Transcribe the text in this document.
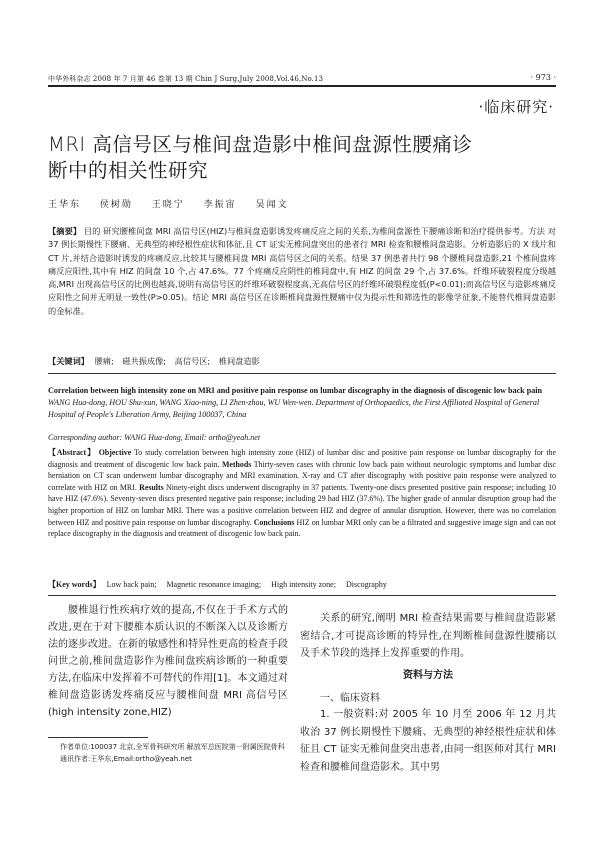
中华外科杂志 2008 年 7 月第 46 卷第 13 期 Chin J Surg,July 2008,Vol.46,No.13	· 973 ·
·临床研究·
MRI 高信号区与椎间盘造影中椎间盘源性腰痛诊断中的相关性研究
王华东 侯树勋 王晓宁 李振宙 吴闻文
【摘要】 目的 研究腰椎间盘 MRI 高信号区(HIZ)与椎间盘造影诱发疼痛反应之间的关系,为椎间盘源性下腰痛诊断和治疗提供参考。方法 对 37 例长期慢性下腰痛、无典型的神经根性症状和体征,且 CT 证实无椎间盘突出的患者行 MRI 检查和腰椎间盘造影。分析造影后的 X 线片和 CT 片,并结合造影时诱发的疼痛反应,比较其与腰椎间盘 MRI 高信号区之间的关系。结果 37 例患者共行 98 个腰椎间盘造影,21 个椎间盘疼痛反应阳性,其中有 HIZ 的间盘 10 个,占 47.6%。77 个疼痛反应阴性的椎间盘中,有 HIZ 的间盘 29 个,占 37.6%。纤维环破裂程度分级越高,MRI 出现高信号区的比例也越高,说明有高信号区的纤维环破裂程度高,无高信号区的纤维环破裂程度低(P<0.01);而高信号区与造影疼痛反应阳性之间并无明显一致性(P>0.05)。结论 MRI 高信号区在诊断椎间盘源性腰痛中仅为提示性和筛选性的影像学征象,不能替代椎间盘造影的金标准。
【关键词】 腰痛; 磁共振成像; 高信号区; 椎间盘造影
Correlation between high intensity zone on MRI and positive pain response on lumbar discography in the diagnosis of discogenic low back pain WANG Hua-dong, HOU Shu-xun, WANG Xiao-ning, LI Zhen-zhou, WU Wen-wen. Department of Orthopaedics, the First Affiliated Hospital of General Hospital of People's Liberation Army, Beijing 100037, China
Corresponding author: WANG Hua-dong, Email: ortho@yeah.net
【Abstract】 Objective To study correlation between high intensity zone (HIZ) of lumbar disc and positive pain response on lumbar discography for the diagnosis and treatment of discogenic low back pain. Methods Thirty-seven cases with chronic low back pain without neurologic symptoms and lumbar disc herniation on CT scan underwent lumbar discography and MRI examination. X-ray and CT after discography with positive pain response were analyzed to correlate with HIZ on MRI. Results Ninety-eight discs underwent discography in 37 patients. Twenty-one discs presented positive pain response; including 10 have HIZ (47.6%). Seventy-seven discs presented negative pain response; including 29 had HIZ (37.6%). The higher grade of annular disruption group had the higher proportion of HIZ on lumbar MRI. There was a positive correlation between HIZ and degree of annular disruption. However, there was no correlation between HIZ and positive pain response on lumbar discography. Conclusions HIZ on lumbar MRI only can be a filtrated and suggestive image sign and can not replace discography in the diagnosis and treatment of discogenic low back pain.
【Key words】 Low back pain; Magnetic resonance imaging; High intensity zone; Discography
腰椎退行性疾病疗效的提高,不仅在于手术方式的改进,更在于对下腰椎本质认识的不断深入以及诊断方法的逐步改进。在新的敏感性和特异性更高的检查手段问世之前,椎间盘造影作为椎间盘疾病诊断的一种重要方法,在临床中发挥着不可替代的作用[1]。本文通过对椎间盘造影诱发疼痛反应与腰椎间盘 MRI 高信号区(high intensity zone,HIZ)
关系的研究,阐明 MRI 检查结果需要与椎间盘造影紧密结合,才可提高诊断的特异性,在判断椎间盘源性腰痛以及手术节段的选择上发挥重要的作用。
资料与方法
一、临床资料
1. 一般资料:对 2005 年 10 月至 2006 年 12 月共收治 37 例长期慢性下腰痛、无典型的神经根性症状和体征且 CT 证实无椎间盘突出患者,由同一组医师对其行 MRI 检查和腰椎间盘造影术。其中男
作者单位:100037 北京,全军骨科研究所 解放军总医院第一附属医院骨科
通讯作者:王华东,Email:ortho@yeah.net
